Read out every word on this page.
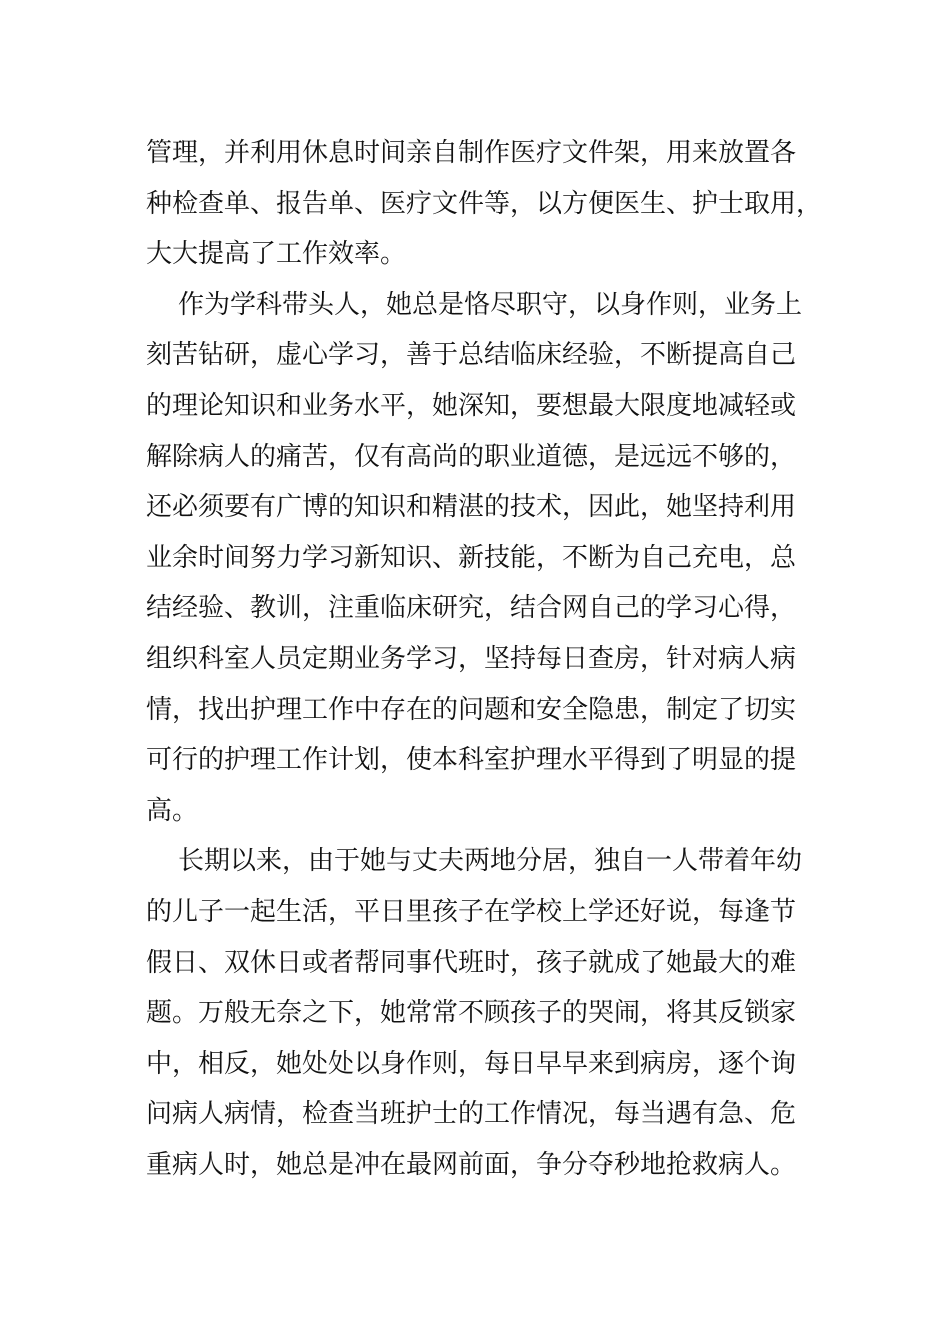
管理，并利用休息时间亲自制作医疗文件架，用来放置各
种检查单、报告单、医疗文件等，以方便医生、护士取用，
大大提高了工作效率。
作为学科带头人，她总是恪尽职守，以身作则，业务上
刻苦钻研，虚心学习，善于总结临床经验，不断提高自己
的理论知识和业务水平，她深知，要想最大限度地减轻或
解除病人的痛苦，仅有高尚的职业道德，是远远不够的，
还必须要有广博的知识和精湛的技术，因此，她坚持利用
业余时间努力学习新知识、新技能，不断为自己充电，总
结经验、教训，注重临床研究，结合网自己的学习心得，
组织科室人员定期业务学习，坚持每日查房，针对病人病
情，找出护理工作中存在的问题和安全隐患，制定了切实
可行的护理工作计划，使本科室护理水平得到了明显的提
高。
长期以来，由于她与丈夫两地分居，独自一人带着年幼
的儿子一起生活，平日里孩子在学校上学还好说，每逢节
假日、双休日或者帮同事代班时，孩子就成了她最大的难
题。万般无奈之下，她常常不顾孩子的哭闹，将其反锁家
中，相反，她处处以身作则，每日早早来到病房，逐个询
问病人病情，检查当班护士的工作情况，每当遇有急、危
重病人时，她总是冲在最网前面，争分夺秒地抢救病人。
